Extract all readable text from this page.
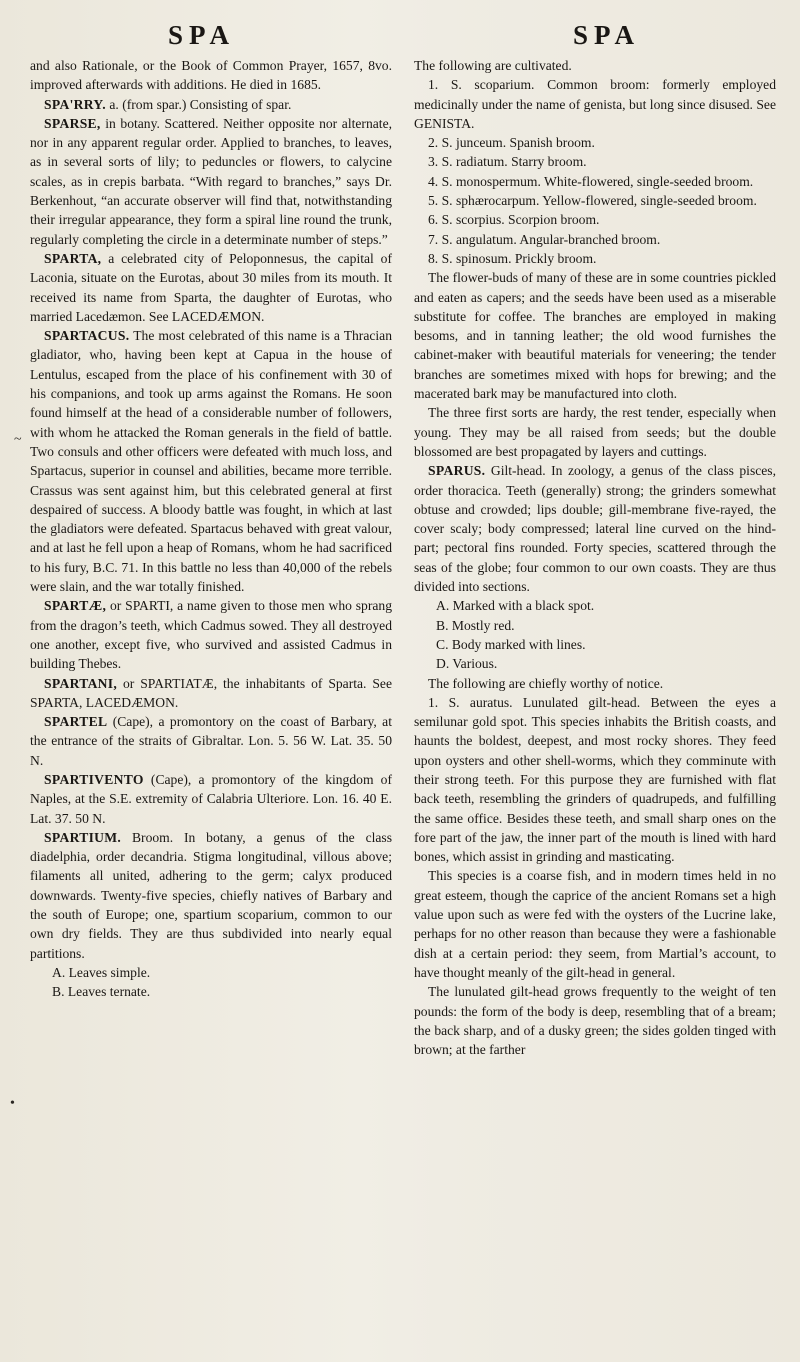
SPA	SPA
~
•

and also Rationale, or the Book of Common Prayer, 1657, 8vo. improved afterwards with additions. He died in 1685.

SPA'RRY. a. (from spar.) Consisting of spar.

SPARSE, in botany. Scattered. Neither opposite nor alternate, nor in any apparent regular order. Applied to branches, to leaves, as in several sorts of lily; to peduncles or flowers, to calycine scales, as in crepis barbata. “With regard to branches,” says Dr. Berkenhout, “an accurate observer will find that, notwithstanding their irregular appearance, they form a spiral line round the trunk, regularly completing the circle in a determinate number of steps.”

SPARTA, a celebrated city of Peloponnesus, the capital of Laconia, situate on the Eurotas, about 30 miles from its mouth. It received its name from Sparta, the daughter of Eurotas, who married Lacedæmon. See LACEDÆMON.

SPARTACUS. The most celebrated of this name is a Thracian gladiator, who, having been kept at Capua in the house of Lentulus, escaped from the place of his confinement with 30 of his companions, and took up arms against the Romans. He soon found himself at the head of a considerable number of followers, with whom he attacked the Roman generals in the field of battle. Two consuls and other officers were defeated with much loss, and Spartacus, superior in counsel and abilities, became more terrible. Crassus was sent against him, but this celebrated general at first despaired of success. A bloody battle was fought, in which at last the gladiators were defeated. Spartacus behaved with great valour, and at last he fell upon a heap of Romans, whom he had sacrificed to his fury, B.C. 71. In this battle no less than 40,000 of the rebels were slain, and the war totally finished.

SPARTÆ, or SPARTI, a name given to those men who sprang from the dragon’s teeth, which Cadmus sowed. They all destroyed one another, except five, who survived and assisted Cadmus in building Thebes.

SPARTANI, or SPARTIATÆ, the inhabitants of Sparta. See SPARTA, LACEDÆMON.

SPARTEL (Cape), a promontory on the coast of Barbary, at the entrance of the straits of Gibraltar. Lon. 5. 56 W. Lat. 35. 50 N.

SPARTIVENTO (Cape), a promontory of the kingdom of Naples, at the S.E. extremity of Calabria Ulteriore. Lon. 16. 40 E. Lat. 37. 50 N.

SPARTIUM. Broom. In botany, a genus of the class diadelphia, order decandria. Stigma longitudinal, villous above; filaments all united, adhering to the germ; calyx produced downwards. Twenty-five species, chiefly natives of Barbary and the south of Europe; one, spartium scoparium, common to our own dry fields. They are thus subdivided into nearly equal partitions.

A. Leaves simple.

B. Leaves ternate.

The following are cultivated.

1. S. scoparium. Common broom: formerly employed medicinally under the name of genista, but long since disused. See GENISTA.

2. S. junceum. Spanish broom.

3. S. radiatum. Starry broom.

4. S. monospermum. White-flowered, single-seeded broom.

5. S. sphærocarpum. Yellow-flowered, single-seeded broom.

6. S. scorpius. Scorpion broom.

7. S. angulatum. Angular-branched broom.

8. S. spinosum. Prickly broom.

The flower-buds of many of these are in some countries pickled and eaten as capers; and the seeds have been used as a miserable substitute for coffee. The branches are employed in making besoms, and in tanning leather; the old wood furnishes the cabinet-maker with beautiful materials for veneering; the tender branches are sometimes mixed with hops for brewing; and the macerated bark may be manufactured into cloth.

The three first sorts are hardy, the rest tender, especially when young. They may be all raised from seeds; but the double blossomed are best propagated by layers and cuttings.

SPARUS. Gilt-head. In zoology, a genus of the class pisces, order thoracica. Teeth (generally) strong; the grinders somewhat obtuse and crowded; lips double; gill-membrane five-rayed, the cover scaly; body compressed; lateral line curved on the hind-part; pectoral fins rounded. Forty species, scattered through the seas of the globe; four common to our own coasts. They are thus divided into sections.

A. Marked with a black spot.

B. Mostly red.

C. Body marked with lines.

D. Various.

The following are chiefly worthy of notice.

1. S. auratus. Lunulated gilt-head. Between the eyes a semilunar gold spot. This species inhabits the British coasts, and haunts the boldest, deepest, and most rocky shores. They feed upon oysters and other shell-worms, which they comminute with their strong teeth. For this purpose they are furnished with flat back teeth, resembling the grinders of quadrupeds, and fulfilling the same office. Besides these teeth, and small sharp ones on the fore part of the jaw, the inner part of the mouth is lined with hard bones, which assist in grinding and masticating.

This species is a coarse fish, and in modern times held in no great esteem, though the caprice of the ancient Romans set a high value upon such as were fed with the oysters of the Lucrine lake, perhaps for no other reason than because they were a fashionable dish at a certain period: they seem, from Martial’s account, to have thought meanly of the gilt-head in general.

The lunulated gilt-head grows frequently to the weight of ten pounds: the form of the body is deep, resembling that of a bream; the back sharp, and of a dusky green; the sides golden tinged with brown; at the farther
